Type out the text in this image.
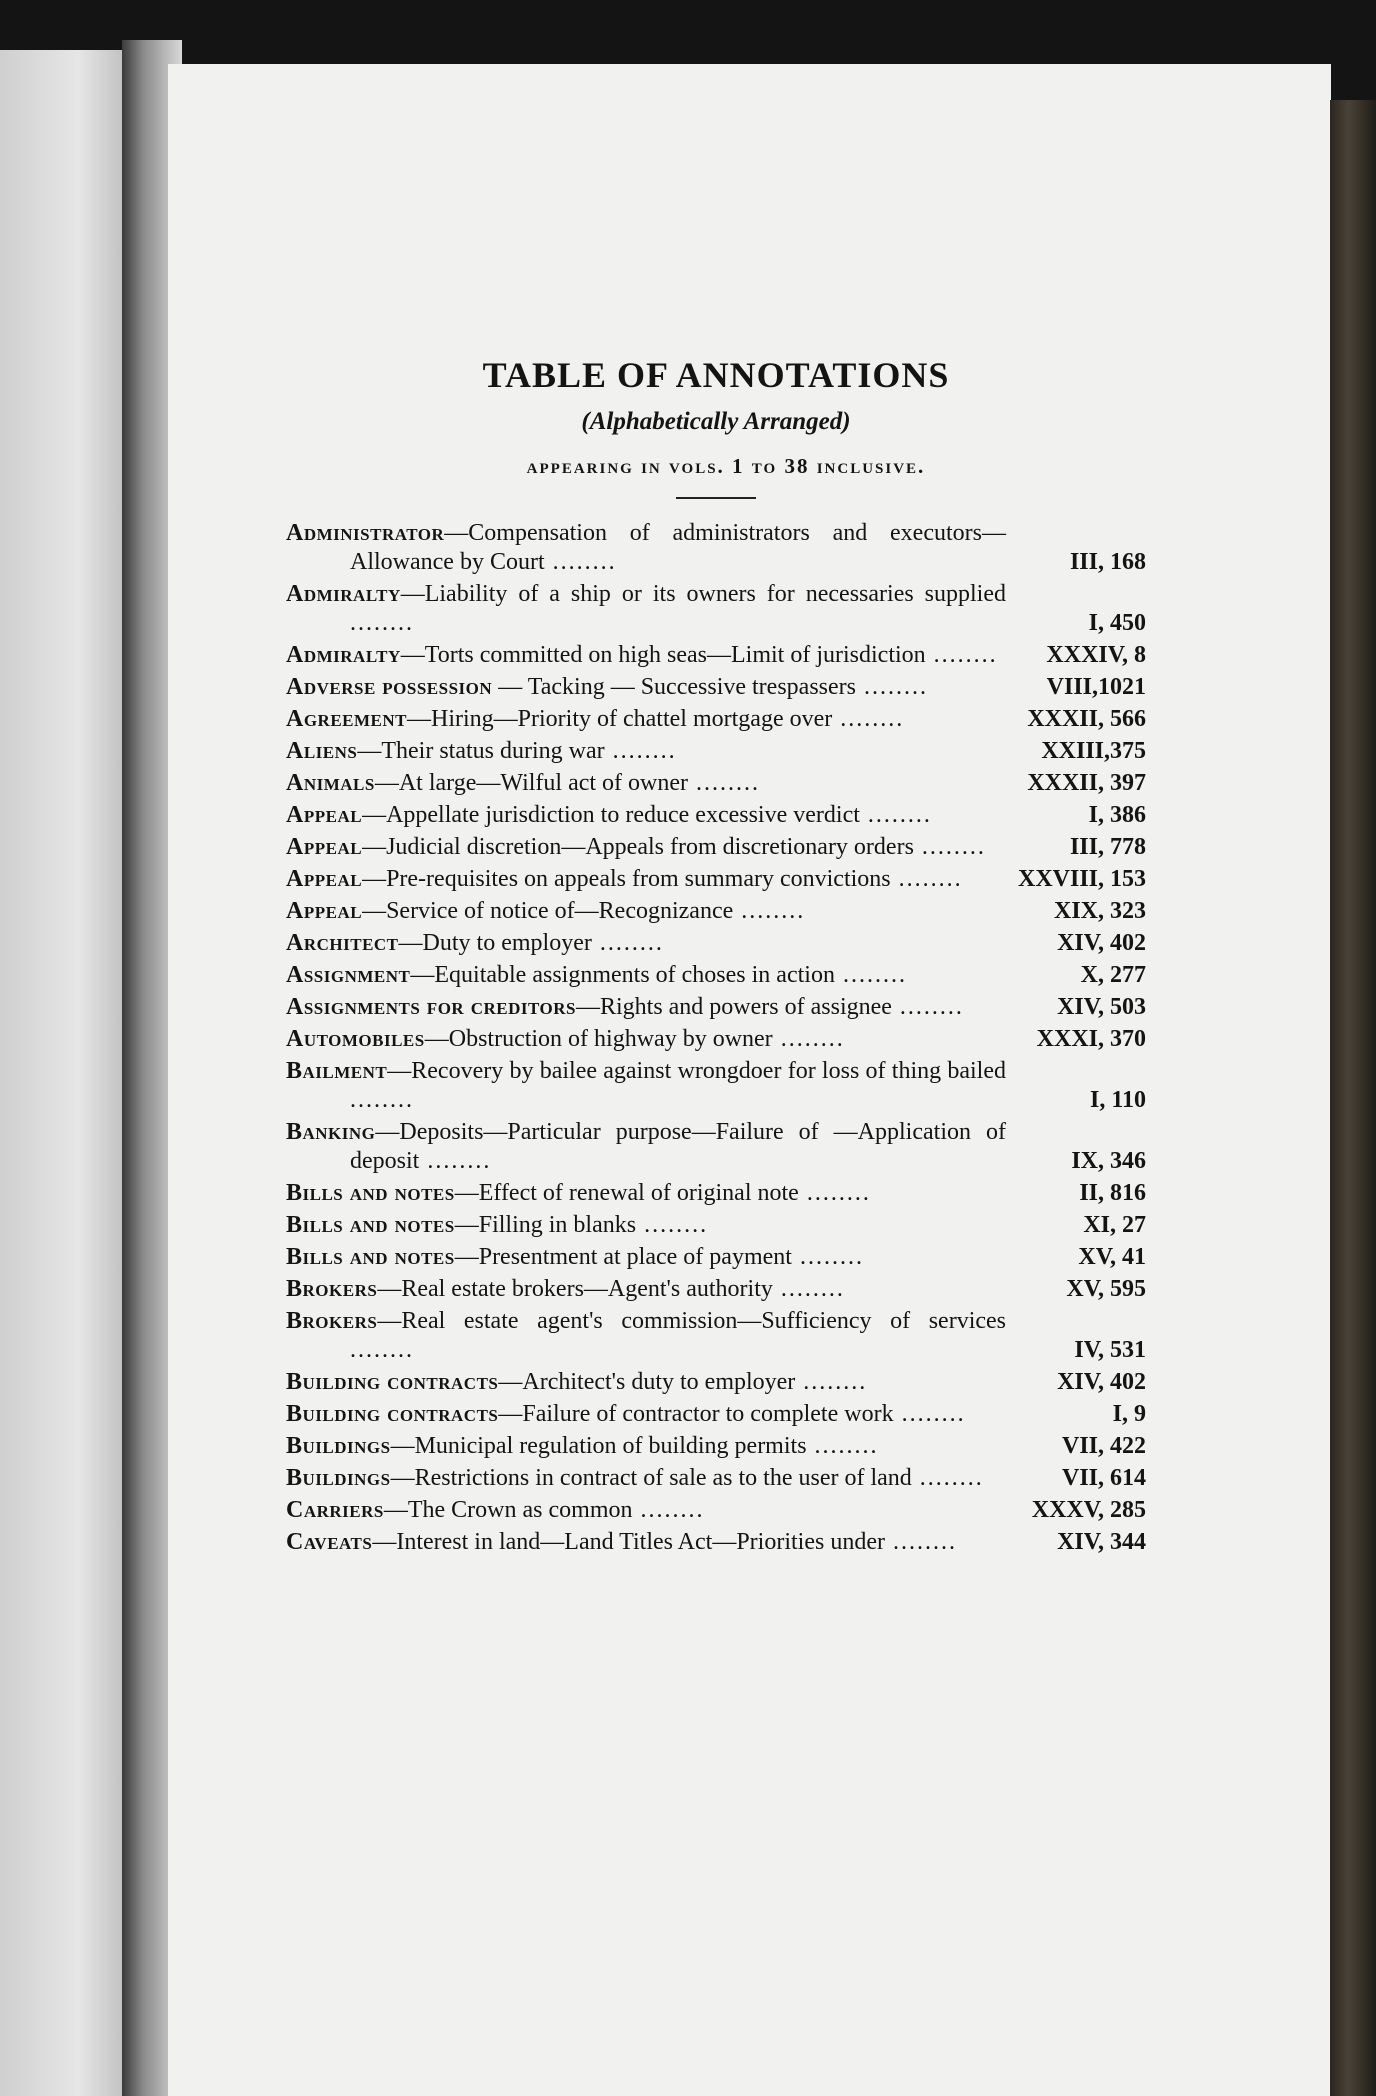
TABLE OF ANNOTATIONS
(Alphabetically Arranged)
appearing in vols. 1 to 38 inclusive.
Administrator—Compensation of administrators and executors—Allowance by Court ........	III, 168
Admiralty—Liability of a ship or its owners for necessaries supplied ........	I, 450
Admiralty—Torts committed on high seas—Limit of jurisdiction ........	XXXIV, 8
Adverse possession — Tacking — Successive trespassers ........	VIII,1021
Agreement—Hiring—Priority of chattel mortgage over ........	XXXII, 566
Aliens—Their status during war ........	XXIII,375
Animals—At large—Wilful act of owner ........	XXXII, 397
Appeal—Appellate jurisdiction to reduce excessive verdict ........	I, 386
Appeal—Judicial discretion—Appeals from discretionary orders ........	III, 778
Appeal—Pre-requisites on appeals from summary convictions ........	XXVIII, 153
Appeal—Service of notice of—Recognizance ........	XIX, 323
Architect—Duty to employer ........	XIV, 402
Assignment—Equitable assignments of choses in action ........	X, 277
Assignments for creditors—Rights and powers of assignee ........	XIV, 503
Automobiles—Obstruction of highway by owner ........	XXXI, 370
Bailment—Recovery by bailee against wrongdoer for loss of thing bailed ........	I, 110
Banking—Deposits—Particular purpose—Failure of —Application of deposit ........	IX, 346
Bills and notes—Effect of renewal of original note ........	II, 816
Bills and notes—Filling in blanks ........	XI, 27
Bills and notes—Presentment at place of payment ........	XV, 41
Brokers—Real estate brokers—Agent's authority ........	XV, 595
Brokers—Real estate agent's commission—Sufficiency of services ........	IV, 531
Building contracts—Architect's duty to employer ........	XIV, 402
Building contracts—Failure of contractor to complete work ........	I, 9
Buildings—Municipal regulation of building permits ........	VII, 422
Buildings—Restrictions in contract of sale as to the user of land ........	VII, 614
Carriers—The Crown as common ........	XXXV, 285
Caveats—Interest in land—Land Titles Act—Priorities under ........	XIV, 344
